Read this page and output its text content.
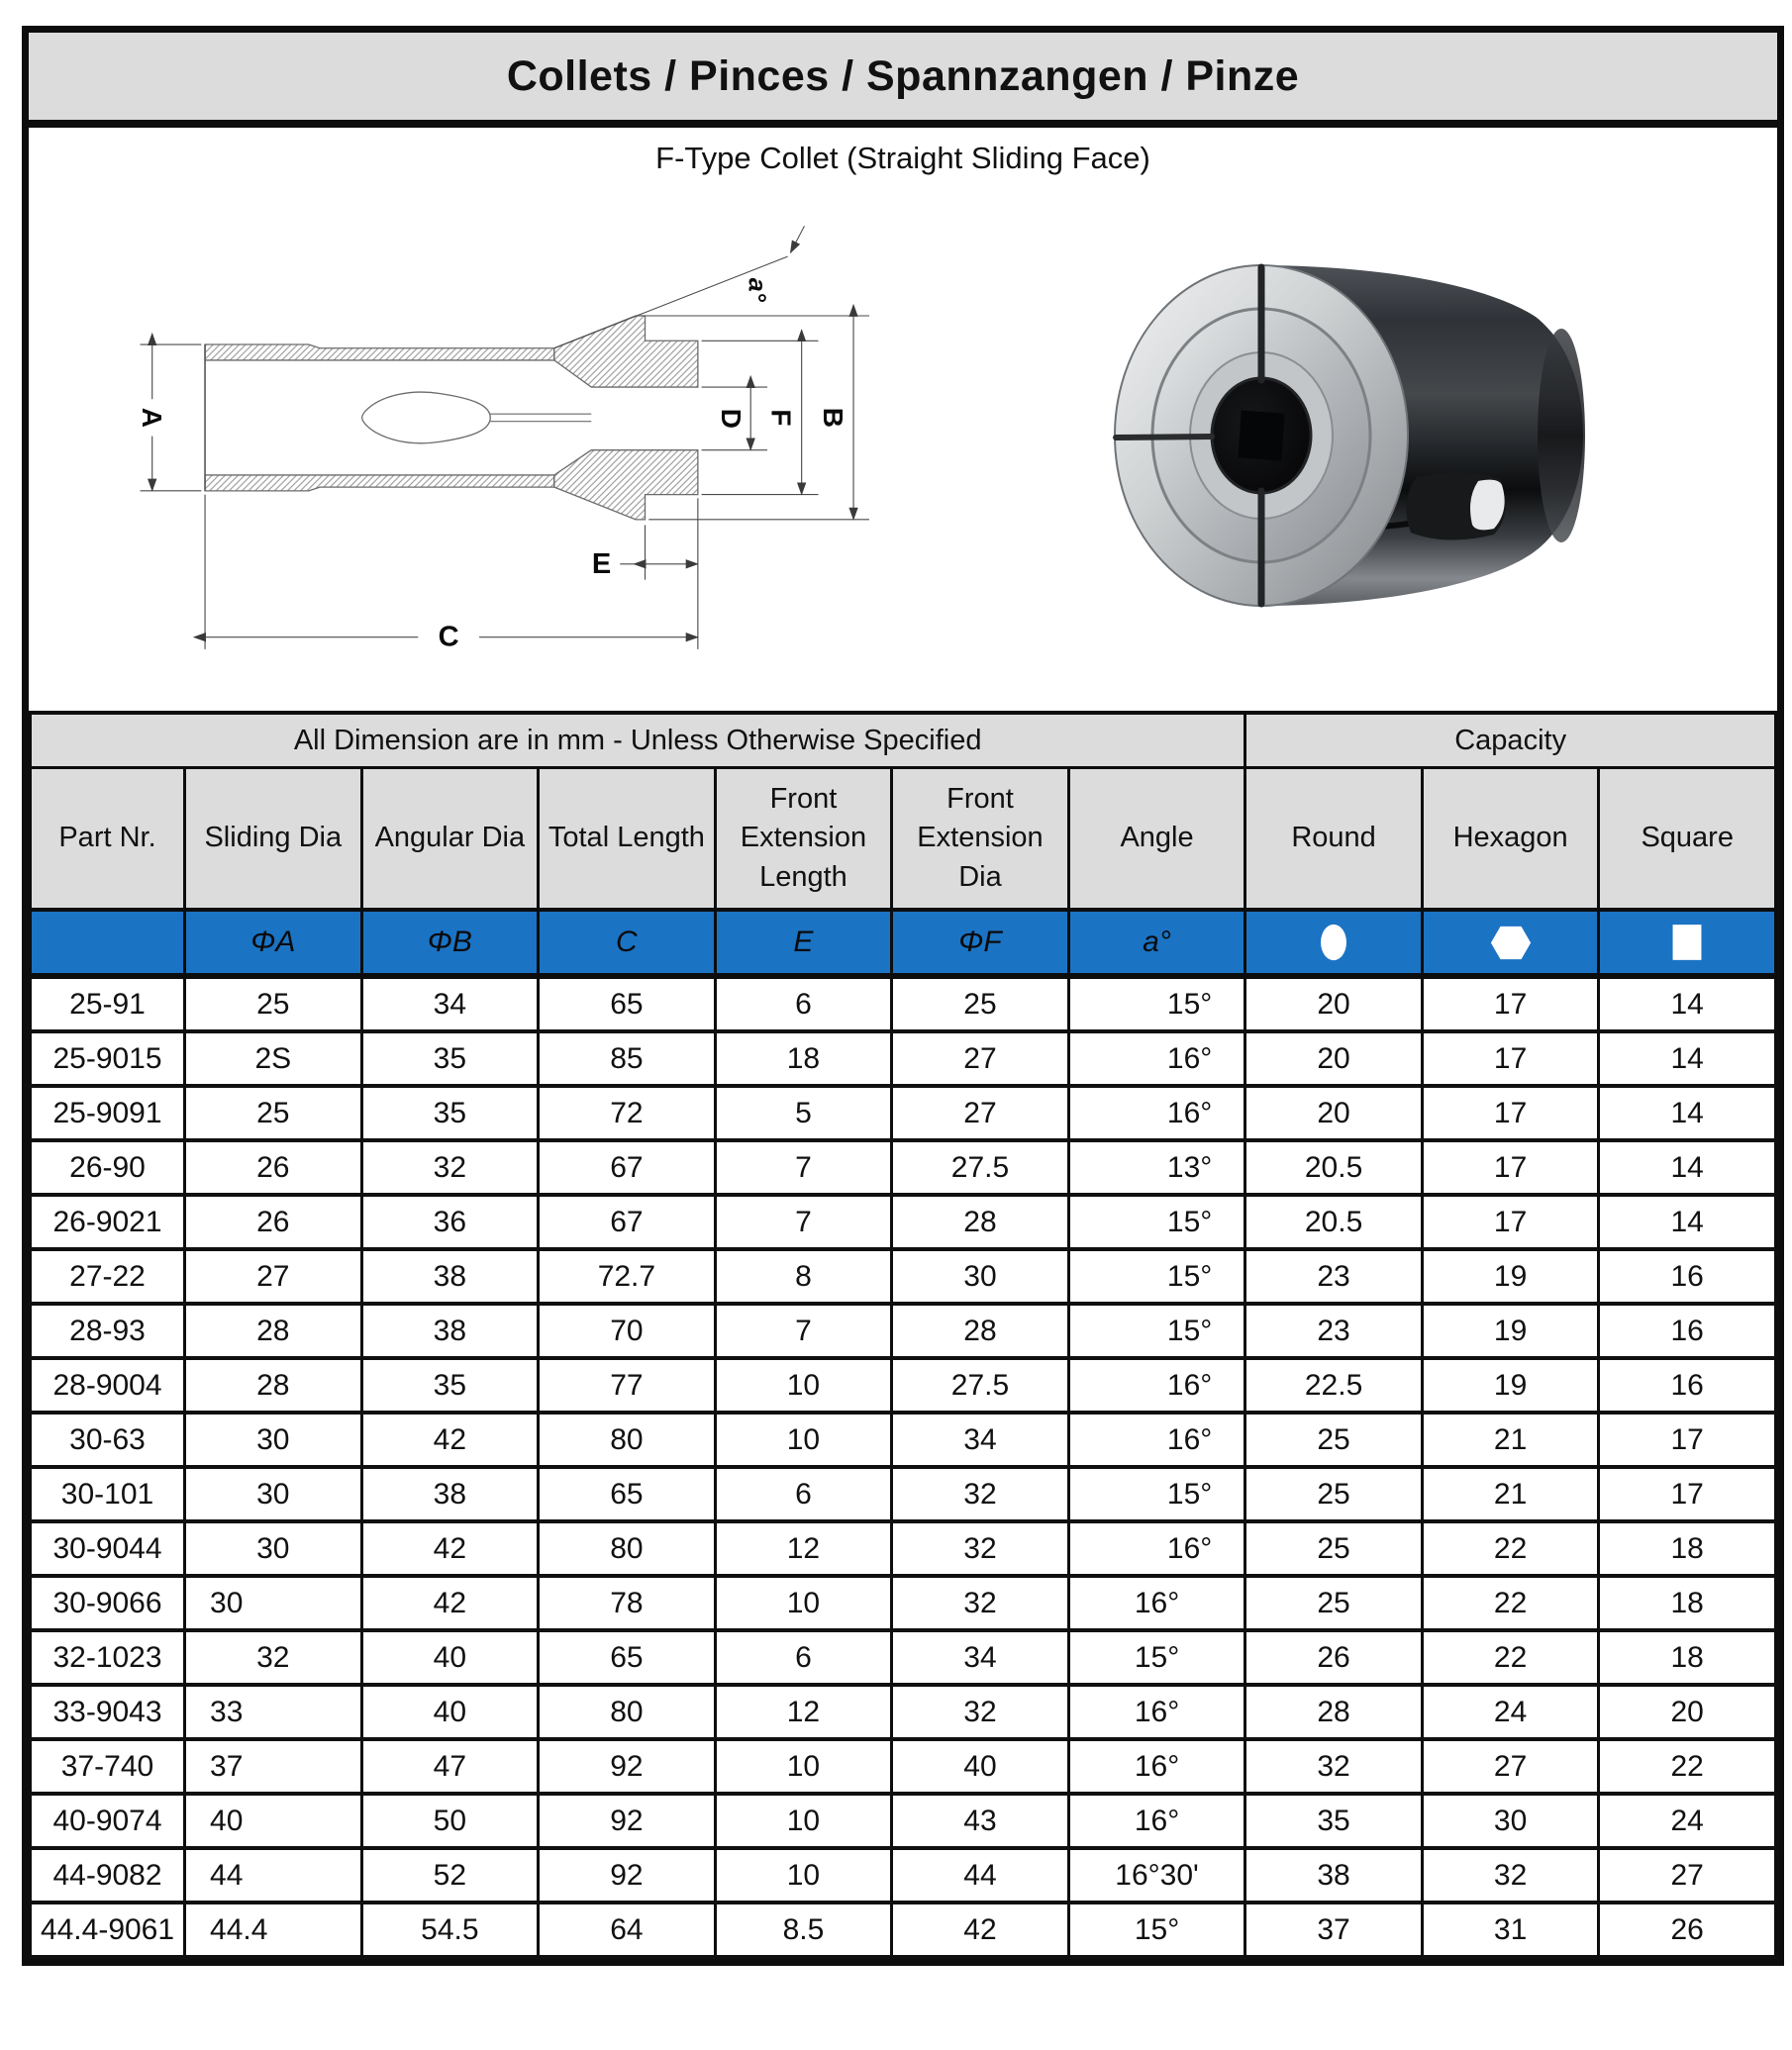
Collets / Pinces / Spannzangen / Pinze
F-Type Collet (Straight Sliding Face)
A	B
F
D
C
E
a°
All Dimension are in mm - Unless Otherwise Specified							Capacity		
Part Nr.	Sliding Dia	Angular Dia	Total Length	Front Extension Length	Front Extension Dia	Angle	Round	Hexagon	Square
	ΦA	ΦB	C	E	ΦF	a°	

25-91	25	34	65	6	25	15°	20	17	14
25-9015	2S	35	85	18	27	16°	20	17	14
25-9091	25	35	72	5	27	16°	20	17	14
26-90	26	32	67	7	27.5	13°	20.5	17	14
26-9021	26	36	67	7	28	15°	20.5	17	14
27-22	27	38	72.7	8	30	15°	23	19	16
28-93	28	38	70	7	28	15°	23	19	16
28-9004	28	35	77	10	27.5	16°	22.5	19	16
30-63	30	42	80	10	34	16°	25	21	17
30-101	30	38	65	6	32	15°	25	21	17
30-9044	30	42	80	12	32	16°	25	22	18
30-9066	30	42	78	10	32	16°	25	22	18
32-1023	32	40	65	6	34	15°	26	22	18
33-9043	33	40	80	12	32	16°	28	24	20
37-740	37	47	92	10	40	16°	32	27	22
40-9074	40	50	92	10	43	16°	35	30	24
44-9082	44	52	92	10	44	16°30'	38	32	27
44.4-9061	44.4	54.5	64	8.5	42	15°	37	31	26
